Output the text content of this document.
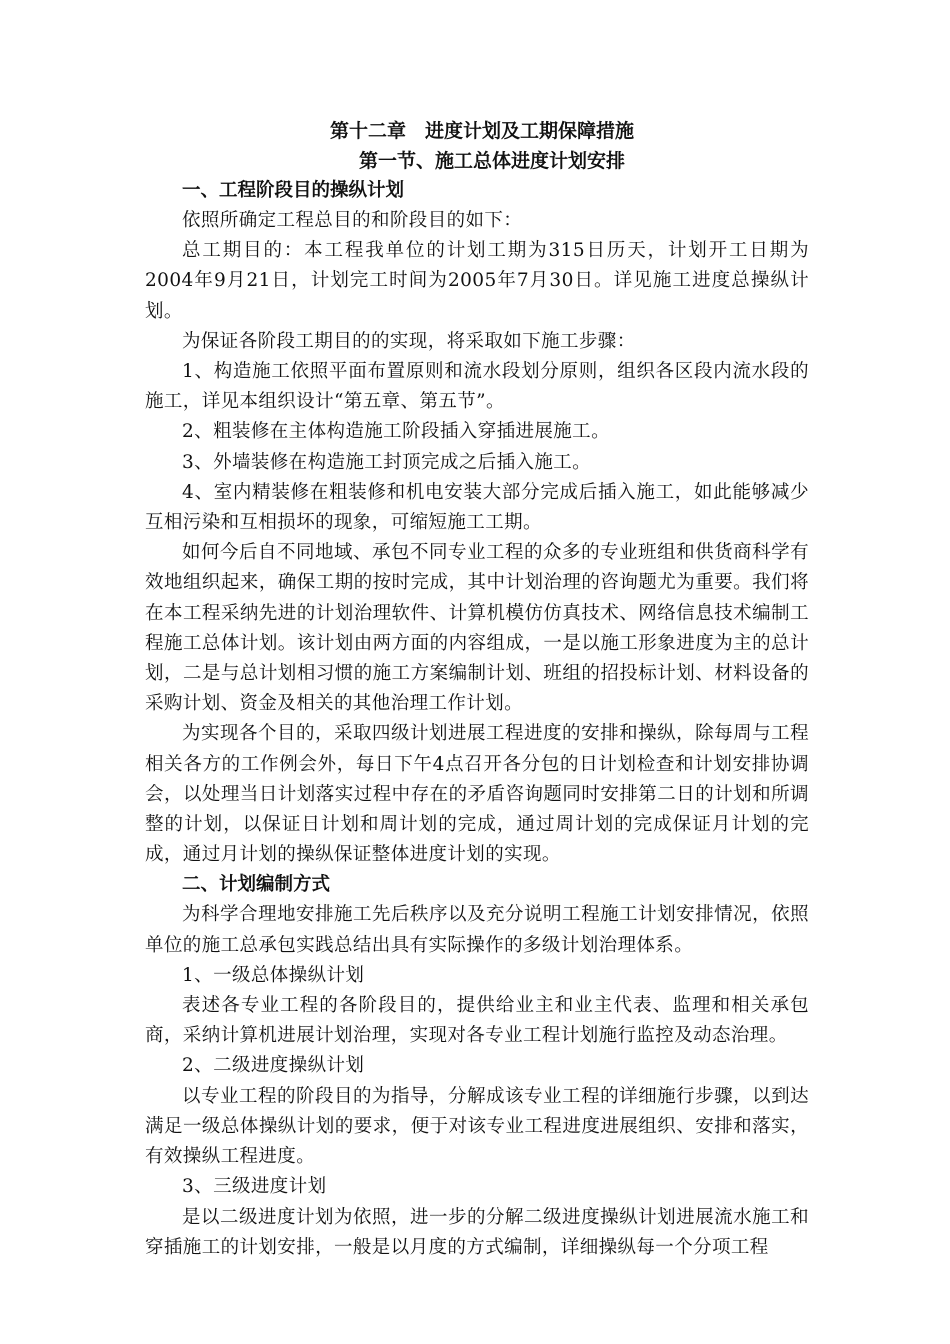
第十二章　进度计划及工期保障措施

第一节、施工总体进度计划安排

一、工程阶段目的操纵计划

依照所确定工程总目的和阶段目的如下：

总工期目的：本工程我单位的计划工期为315日历天，计划开工日期为2004年9月21日，计划完工时间为2005年7月30日。详见施工进度总操纵计划。

为保证各阶段工期目的的实现，将采取如下施工步骤：

1、构造施工依照平面布置原则和流水段划分原则，组织各区段内流水段的施工，详见本组织设计“第五章、第五节”。

2、粗装修在主体构造施工阶段插入穿插进展施工。

3、外墙装修在构造施工封顶完成之后插入施工。

4、室内精装修在粗装修和机电安装大部分完成后插入施工，如此能够减少互相污染和互相损坏的现象，可缩短施工工期。

如何今后自不同地域、承包不同专业工程的众多的专业班组和供货商科学有效地组织起来，确保工期的按时完成，其中计划治理的咨询题尤为重要。我们将在本工程采纳先进的计划治理软件、计算机模仿仿真技术、网络信息技术编制工程施工总体计划。该计划由两方面的内容组成，一是以施工形象进度为主的总计划，二是与总计划相习惯的施工方案编制计划、班组的招投标计划、材料设备的采购计划、资金及相关的其他治理工作计划。

为实现各个目的，采取四级计划进展工程进度的安排和操纵，除每周与工程相关各方的工作例会外，每日下午4点召开各分包的日计划检查和计划安排协调会，以处理当日计划落实过程中存在的矛盾咨询题同时安排第二日的计划和所调整的计划，以保证日计划和周计划的完成，通过周计划的完成保证月计划的完成，通过月计划的操纵保证整体进度计划的实现。

二、计划编制方式

为科学合理地安排施工先后秩序以及充分说明工程施工计划安排情况，依照单位的施工总承包实践总结出具有实际操作的多级计划治理体系。

1、一级总体操纵计划

表述各专业工程的各阶段目的，提供给业主和业主代表、监理和相关承包商，采纳计算机进展计划治理，实现对各专业工程计划施行监控及动态治理。

2、二级进度操纵计划

以专业工程的阶段目的为指导，分解成该专业工程的详细施行步骤，以到达满足一级总体操纵计划的要求，便于对该专业工程进度进展组织、安排和落实，有效操纵工程进度。

3、三级进度计划

是以二级进度计划为依照，进一步的分解二级进度操纵计划进展流水施工和穿插施工的计划安排，一般是以月度的方式编制，详细操纵每一个分项工程
